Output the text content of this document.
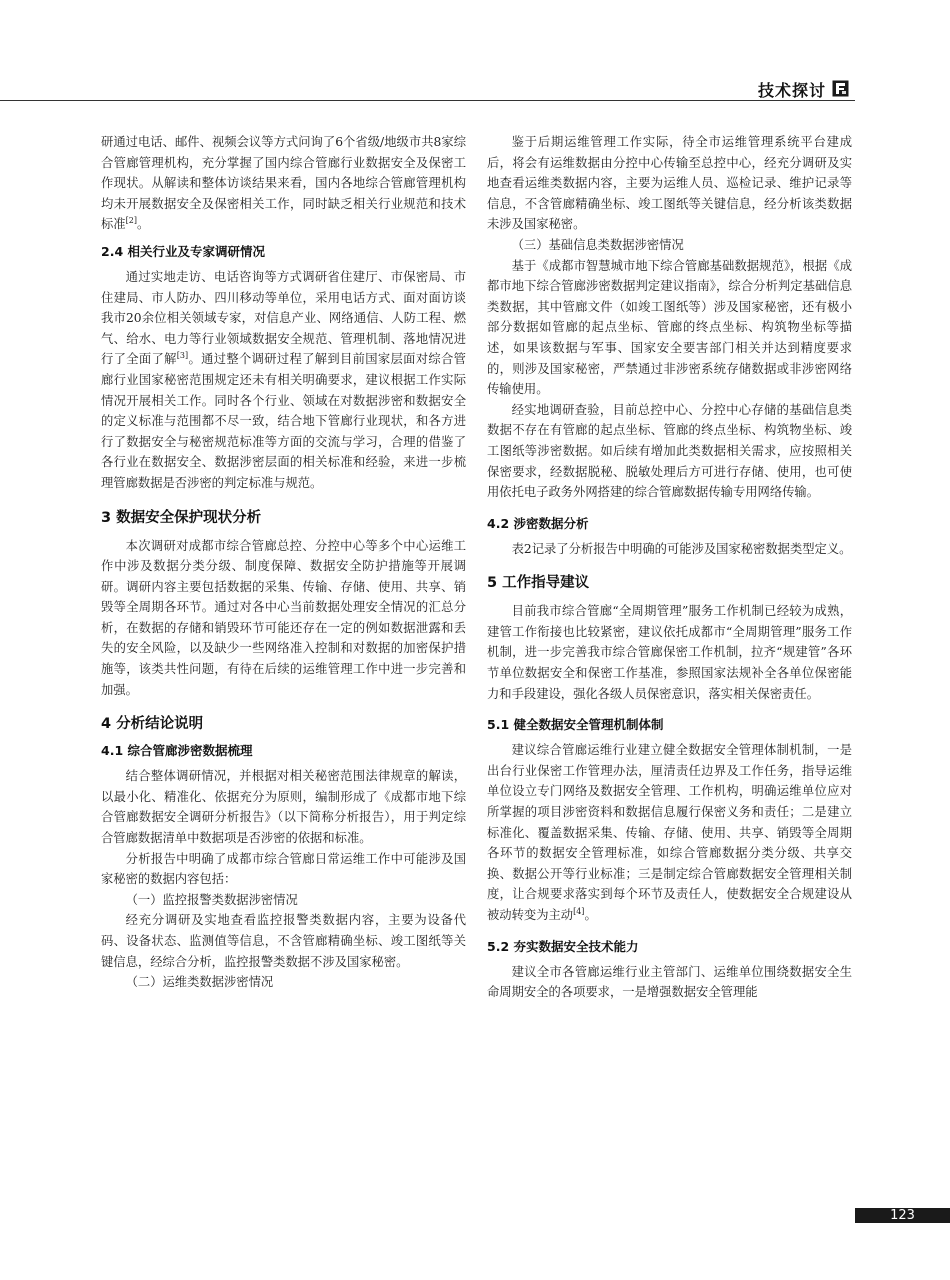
技术探讨

研通过电话、邮件、视频会议等方式问询了6个省级/地级市共8家综合管廊管理机构，充分掌握了国内综合管廊行业数据安全及保密工作现状。从解读和整体访谈结果来看，国内各地综合管廊管理机构均未开展数据安全及保密相关工作，同时缺乏相关行业规范和技术标准[2]。

2.4 相关行业及专家调研情况

通过实地走访、电话咨询等方式调研省住建厅、市保密局、市住建局、市人防办、四川移动等单位，采用电话方式、面对面访谈我市20余位相关领域专家，对信息产业、网络通信、人防工程、燃气、给水、电力等行业领域数据安全规范、管理机制、落地情况进行了全面了解[3]。通过整个调研过程了解到目前国家层面对综合管廊行业国家秘密范围规定还未有相关明确要求，建议根据工作实际情况开展相关工作。同时各个行业、领域在对数据涉密和数据安全的定义标准与范围都不尽一致，结合地下管廊行业现状，和各方进行了数据安全与秘密规范标准等方面的交流与学习，合理的借鉴了各行业在数据安全、数据涉密层面的相关标准和经验，来进一步梳理管廊数据是否涉密的判定标准与规范。

3 数据安全保护现状分析

本次调研对成都市综合管廊总控、分控中心等多个中心运维工作中涉及数据分类分级、制度保障、数据安全防护措施等开展调研。调研内容主要包括数据的采集、传输、存储、使用、共享、销毁等全周期各环节。通过对各中心当前数据处理安全情况的汇总分析，在数据的存储和销毁环节可能还存在一定的例如数据泄露和丢失的安全风险，以及缺少一些网络准入控制和对数据的加密保护措施等，该类共性问题，有待在后续的运维管理工作中进一步完善和加强。

4 分析结论说明
4.1 综合管廊涉密数据梳理

结合整体调研情况，并根据对相关秘密范围法律规章的解读，以最小化、精准化、依据充分为原则，编制形成了《成都市地下综合管廊数据安全调研分析报告》（以下简称分析报告），用于判定综合管廊数据清单中数据项是否涉密的依据和标准。

分析报告中明确了成都市综合管廊日常运维工作中可能涉及国家秘密的数据内容包括：

（一）监控报警类数据涉密情况

经充分调研及实地查看监控报警类数据内容，主要为设备代码、设备状态、监测值等信息，不含管廊精确坐标、竣工图纸等关键信息，经综合分析，监控报警类数据不涉及国家秘密。

（二）运维类数据涉密情况

鉴于后期运维管理工作实际，待全市运维管理系统平台建成后，将会有运维数据由分控中心传输至总控中心，经充分调研及实地查看运维类数据内容，主要为运维人员、巡检记录、维护记录等信息，不含管廊精确坐标、竣工图纸等关键信息，经分析该类数据未涉及国家秘密。

（三）基础信息类数据涉密情况

基于《成都市智慧城市地下综合管廊基础数据规范》，根据《成都市地下综合管廊涉密数据判定建议指南》，综合分析判定基础信息类数据，其中管廊文件（如竣工图纸等）涉及国家秘密，还有极小部分数据如管廊的起点坐标、管廊的终点坐标、构筑物坐标等描述，如果该数据与军事、国家安全要害部门相关并达到精度要求的，则涉及国家秘密，严禁通过非涉密系统存储数据或非涉密网络传输使用。

经实地调研查验，目前总控中心、分控中心存储的基础信息类数据不存在有管廊的起点坐标、管廊的终点坐标、构筑物坐标、竣工图纸等涉密数据。如后续有增加此类数据相关需求，应按照相关保密要求，经数据脱秘、脱敏处理后方可进行存储、使用，也可使用依托电子政务外网搭建的综合管廊数据传输专用网络传输。

4.2 涉密数据分析

表2记录了分析报告中明确的可能涉及国家秘密数据类型定义。

5 工作指导建议

目前我市综合管廊“全周期管理”服务工作机制已经较为成熟，建管工作衔接也比较紧密，建议依托成都市“全周期管理”服务工作机制，进一步完善我市综合管廊保密工作机制，拉齐“规建管”各环节单位数据安全和保密工作基准，参照国家法规补全各单位保密能力和手段建设，强化各级人员保密意识，落实相关保密责任。

5.1 健全数据安全管理机制体制

建议综合管廊运维行业建立健全数据安全管理体制机制，一是出台行业保密工作管理办法，厘清责任边界及工作任务，指导运维单位设立专门网络及数据安全管理、工作机构，明确运维单位应对所掌握的项目涉密资料和数据信息履行保密义务和责任；二是建立标准化、覆盖数据采集、传输、存储、使用、共享、销毁等全周期各环节的数据安全管理标准，如综合管廊数据分类分级、共享交换、数据公开等行业标准；三是制定综合管廊数据安全管理相关制度，让合规要求落实到每个环节及责任人，使数据安全合规建设从被动转变为主动[4]。

5.2 夯实数据安全技术能力

建议全市各管廊运维行业主管部门、运维单位围绕数据安全生命周期安全的各项要求，一是增强数据安全管理能

123
